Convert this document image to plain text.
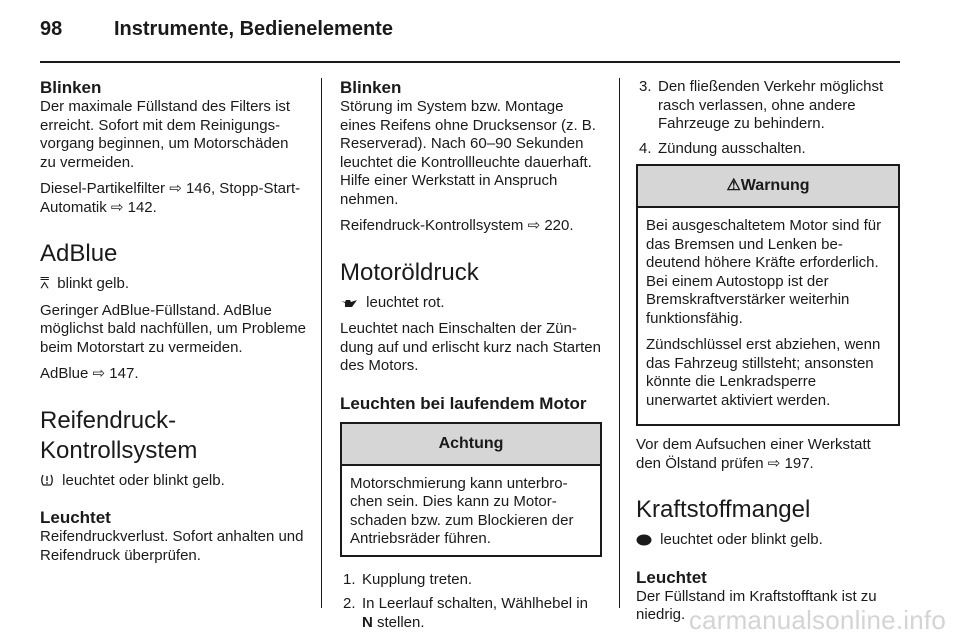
98	Instrumente, Bedienelemente
Blinken

Der maximale Füllstand des Filters ist erreicht. Sofort mit dem Reinigungsvorgang beginnen, um Motorschäden zu vermeiden.

Diesel-Partikelfilter ⇨ 146, Stopp-Start-Automatik ⇨ 142.

AdBlue

⩞ blinkt gelb.

Geringer AdBlue-Füllstand. AdBlue möglichst bald nachfüllen, um Probleme beim Motorstart zu vermeiden.

AdBlue ⇨ 147.

Reifendruck-
Kontrollsystem

leuchtet oder blinkt gelb.

Leuchtet

Reifendruckverlust. Sofort anhalten und Reifendruck überprüfen.

Blinken

Störung im System bzw. Montage eines Reifens ohne Drucksensor (z. B. Reserverad). Nach 60–90 Sekunden leuchtet die Kontrollleuchte dauerhaft. Hilfe einer Werkstatt in Anspruch nehmen.

Reifendruck-Kontrollsystem ⇨ 220.

Motoröldruck

leuchtet rot.

Leuchtet nach Einschalten der Zündung auf und erlischt kurz nach Starten des Motors.

Leuchten bei laufendem Motor
Achtung
Motorschmierung kann unterbrochen sein. Dies kann zu Motorschaden bzw. zum Blockieren der Antriebsräder führen.
1. Kupplung treten.
2. In Leerlauf schalten, Wählhebel in N stellen.
3. Den fließenden Verkehr möglichst rasch verlassen, ohne andere Fahrzeuge zu behindern.
4. Zündung ausschalten.
⚠Warnung

Bei ausgeschaltetem Motor sind für das Bremsen und Lenken bedeutend höhere Kräfte erforderlich. Bei einem Autostopp ist der Bremskraftverstärker weiterhin funktionsfähig.

Zündschlüssel erst abziehen, wenn das Fahrzeug stillsteht; ansonsten könnte die Lenkradsperre unerwartet aktiviert werden.

Vor dem Aufsuchen einer Werkstatt den Ölstand prüfen ⇨ 197.

Kraftstoffmangel

leuchtet oder blinkt gelb.

Leuchtet

Der Füllstand im Kraftstofftank ist zu niedrig. carmanualsonline.info
